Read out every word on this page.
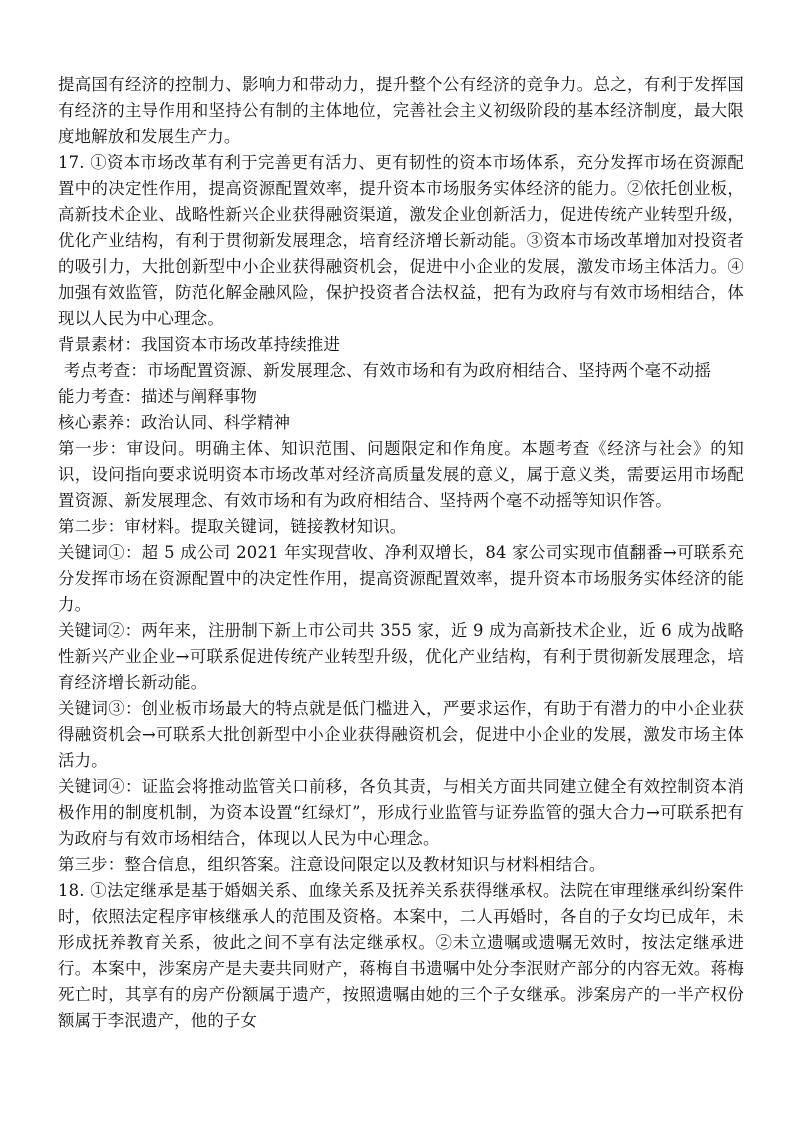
提高国有经济的控制力、影响力和带动力，提升整个公有经济的竞争力。总之，有利于发挥国有经济的主导作用和坚持公有制的主体地位，完善社会主义初级阶段的基本经济制度，最大限度地解放和发展生产力。

17. ①资本市场改革有利于完善更有活力、更有韧性的资本市场体系，充分发挥市场在资源配置中的决定性作用，提高资源配置效率，提升资本市场服务实体经济的能力。②依托创业板，高新技术企业、战略性新兴企业获得融资渠道，激发企业创新活力，促进传统产业转型升级，优化产业结构，有利于贯彻新发展理念，培育经济增长新动能。③资本市场改革增加对投资者的吸引力，大批创新型中小企业获得融资机会，促进中小企业的发展，激发市场主体活力。④加强有效监管，防范化解金融风险，保护投资者合法权益，把有为政府与有效市场相结合，体现以人民为中心理念。

背景素材：我国资本市场改革持续推进

考点考查：市场配置资源、新发展理念、有效市场和有为政府相结合、坚持两个毫不动摇

能力考查：描述与阐释事物

核心素养：政治认同、科学精神

第一步：审设问。明确主体、知识范围、问题限定和作角度。本题考查《经济与社会》的知识，设问指向要求说明资本市场改革对经济高质量发展的意义，属于意义类，需要运用市场配置资源、新发展理念、有效市场和有为政府相结合、坚持两个毫不动摇等知识作答。

第二步：审材料。提取关键词，链接教材知识。

关键词①：超 5 成公司 2021 年实现营收、净利双增长，84 家公司实现市值翻番→可联系充分发挥市场在资源配置中的决定性作用，提高资源配置效率，提升资本市场服务实体经济的能力。

关键词②：两年来，注册制下新上市公司共 355 家，近 9 成为高新技术企业，近 6 成为战略性新兴产业企业→可联系促进传统产业转型升级，优化产业结构，有利于贯彻新发展理念，培育经济增长新动能。

关键词③：创业板市场最大的特点就是低门槛进入，严要求运作，有助于有潜力的中小企业获得融资机会→可联系大批创新型中小企业获得融资机会，促进中小企业的发展，激发市场主体活力。

关键词④：证监会将推动监管关口前移，各负其责，与相关方面共同建立健全有效控制资本消极作用的制度机制，为资本设置“红绿灯”，形成行业监管与证券监管的强大合力→可联系把有为政府与有效市场相结合，体现以人民为中心理念。

第三步：整合信息，组织答案。注意设问限定以及教材知识与材料相结合。

18. ①法定继承是基于婚姻关系、血缘关系及抚养关系获得继承权。法院在审理继承纠纷案件时，依照法定程序审核继承人的范围及资格。本案中，二人再婚时，各自的子女均已成年，未形成抚养教育关系，彼此之间不享有法定继承权。②未立遗嘱或遗嘱无效时，按法定继承进行。本案中，涉案房产是夫妻共同财产，蒋梅自书遗嘱中处分李泯财产部分的内容无效。蒋梅死亡时，其享有的房产份额属于遗产，按照遗嘱由她的三个子女继承。涉案房产的一半产权份额属于李泯遗产，他的子女
